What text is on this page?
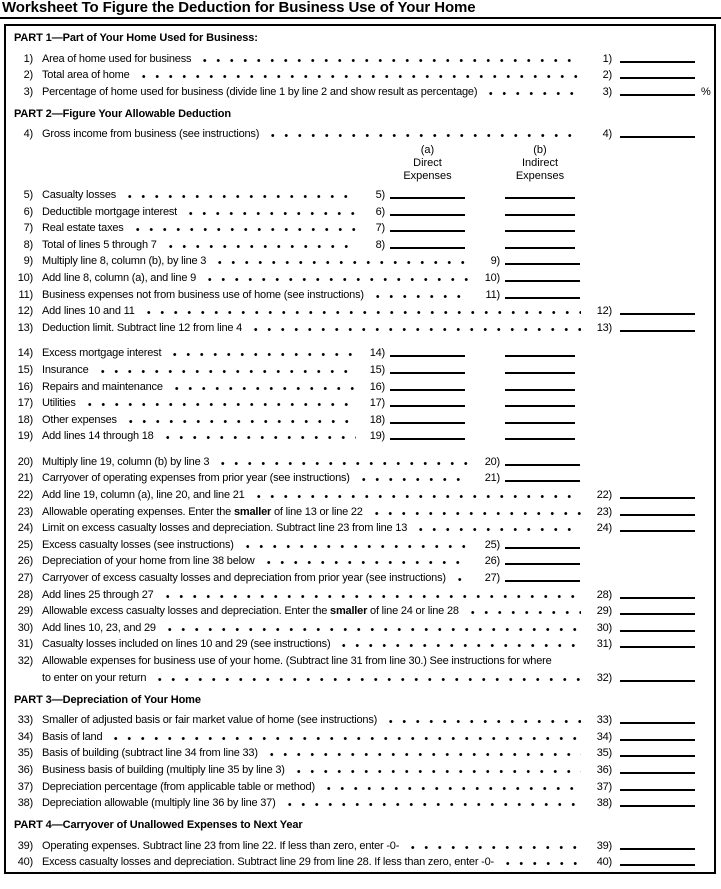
Worksheet To Figure the Deduction for Business Use of Your Home
PART 1—Part of Your Home Used for Business:
1) Area of home used for business	1)
2) Total area of home	2)
3) Percentage of home used for business (divide line 1 by line 2 and show result as percentage)	3)	%
PART 2—Figure Your Allowable Deduction
4) Gross income from business (see instructions)	4)
(a)
Direct
Expenses
(b)
Indirect
Expenses
5) Casualty losses	5)
6) Deductible mortgage interest	6)
7) Real estate taxes	7)
8) Total of lines 5 through 7	8)
9) Multiply line 8, column (b), by line 3	9)
10) Add line 8, column (a), and line 9	10)
11) Business expenses not from business use of home (see instructions)	11)
12) Add lines 10 and 11	12)
13) Deduction limit. Subtract line 12 from line 4	13)
14) Excess mortgage interest	14)
15) Insurance	15)
16) Repairs and maintenance	16)
17) Utilities	17)
18) Other expenses	18)
19) Add lines 14 through 18	19)
20) Multiply line 19, column (b) by line 3	20)
21) Carryover of operating expenses from prior year (see instructions)	21)
22) Add line 19, column (a), line 20, and line 21	22)
23) Allowable operating expenses. Enter the smaller of line 13 or line 22	23)
24) Limit on excess casualty losses and depreciation. Subtract line 23 from line 13	24)
25) Excess casualty losses (see instructions)	25)
26) Depreciation of your home from line 38 below	26)
27) Carryover of excess casualty losses and depreciation from prior year (see instructions)	27)
28) Add lines 25 through 27	28)
29) Allowable excess casualty losses and depreciation. Enter the smaller of line 24 or line 28	29)
30) Add lines 10, 23, and 29	30)
31) Casualty losses included on lines 10 and 29 (see instructions)	31)
32) Allowable expenses for business use of your home. (Subtract line 31 from line 30.) See instructions for where
to enter on your return	32)
PART 3—Depreciation of Your Home
33) Smaller of adjusted basis or fair market value of home (see instructions)	33)
34) Basis of land	34)
35) Basis of building (subtract line 34 from line 33)	35)
36) Business basis of building (multiply line 35 by line 3)	36)
37) Depreciation percentage (from applicable table or method)	37)
38) Depreciation allowable (multiply line 36 by line 37)	38)
PART 4—Carryover of Unallowed Expenses to Next Year
39) Operating expenses. Subtract line 23 from line 22. If less than zero, enter -0-	39)
40) Excess casualty losses and depreciation. Subtract line 29 from line 28. If less than zero, enter -0-	40)
